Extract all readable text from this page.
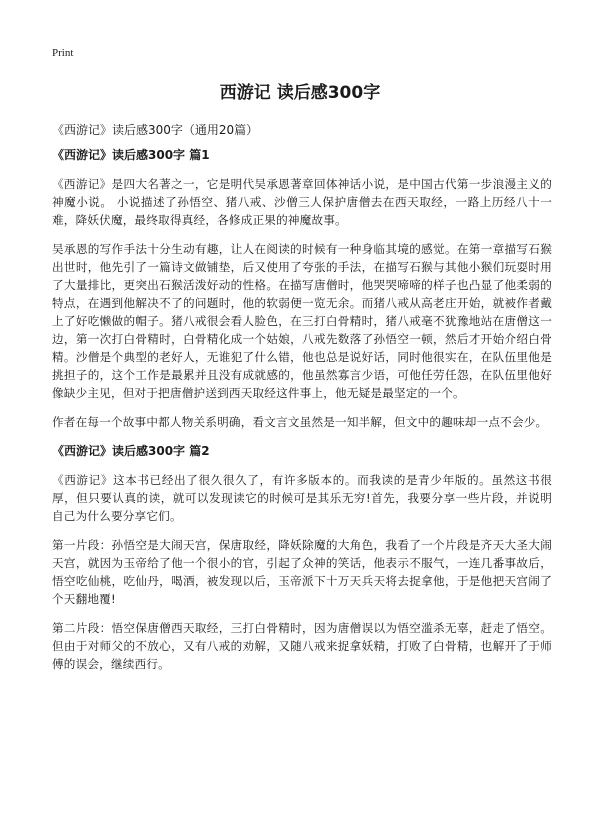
Print
西游记 读后感300字

《西游记》读后感300字（通用20篇）

《西游记》读后感300字 篇1

《西游记》是四大名著之一，它是明代吴承恩著章回体神话小说，是中国古代第一步浪漫主义的神魔小说。 小说描述了孙悟空、猪八戒、沙僧三人保护唐僧去在西天取经，一路上历经八十一难，降妖伏魔，最终取得真经，各修成正果的神魔故事。

吴承恩的写作手法十分生动有趣，让人在阅读的时候有一种身临其境的感觉。在第一章描写石猴出世时，他先引了一篇诗文做铺垫，后又使用了夸张的手法，在描写石猴与其他小猴们玩耍时用了大量排比，更突出石猴活泼好动的性格。在描写唐僧时，他哭哭啼啼的样子也凸显了他柔弱的特点，在遇到他解决不了的问题时，他的软弱便一览无余。而猪八戒从高老庄开始，就被作者戴上了好吃懒做的帽子。猪八戒很会看人脸色，在三打白骨精时，猪八戒毫不犹豫地站在唐僧这一边，第一次打白骨精时，白骨精化成一个姑娘，八戒先数落了孙悟空一顿，然后才开始介绍白骨精。沙僧是个典型的老好人，无谁犯了什么错，他也总是说好话，同时他很实在，在队伍里他是挑担子的，这个工作是最累并且没有成就感的，他虽然寡言少语，可他任劳任怨，在队伍里他好像缺少主见，但对于把唐僧护送到西天取经这件事上，他无疑是最坚定的一个。

作者在每一个故事中都人物关系明确，看文言文虽然是一知半解，但文中的趣味却一点不会少。

《西游记》读后感300字 篇2

《西游记》这本书已经出了很久很久了，有许多版本的。而我读的是青少年版的。虽然这书很厚，但只要认真的读，就可以发现读它的时候可是其乐无穷!首先，我要分享一些片段，并说明自己为什么要分享它们。

第一片段：孙悟空是大闹天宫，保唐取经，降妖除魔的大角色，我看了一个片段是齐天大圣大闹天宫，就因为玉帝给了他一个很小的官，引起了众神的笑话，他表示不服气，一连几番事故后，悟空吃仙桃，吃仙丹，喝酒，被发现以后，玉帝派下十万天兵天将去捉拿他，于是他把天宫闹了个天翻地覆!

第二片段：悟空保唐僧西天取经，三打白骨精时，因为唐僧误以为悟空滥杀无辜，赶走了悟空。但由于对师父的不放心，又有八戒的劝解，又随八戒来捉拿妖精，打败了白骨精，也解开了于师傅的误会，继续西行。
